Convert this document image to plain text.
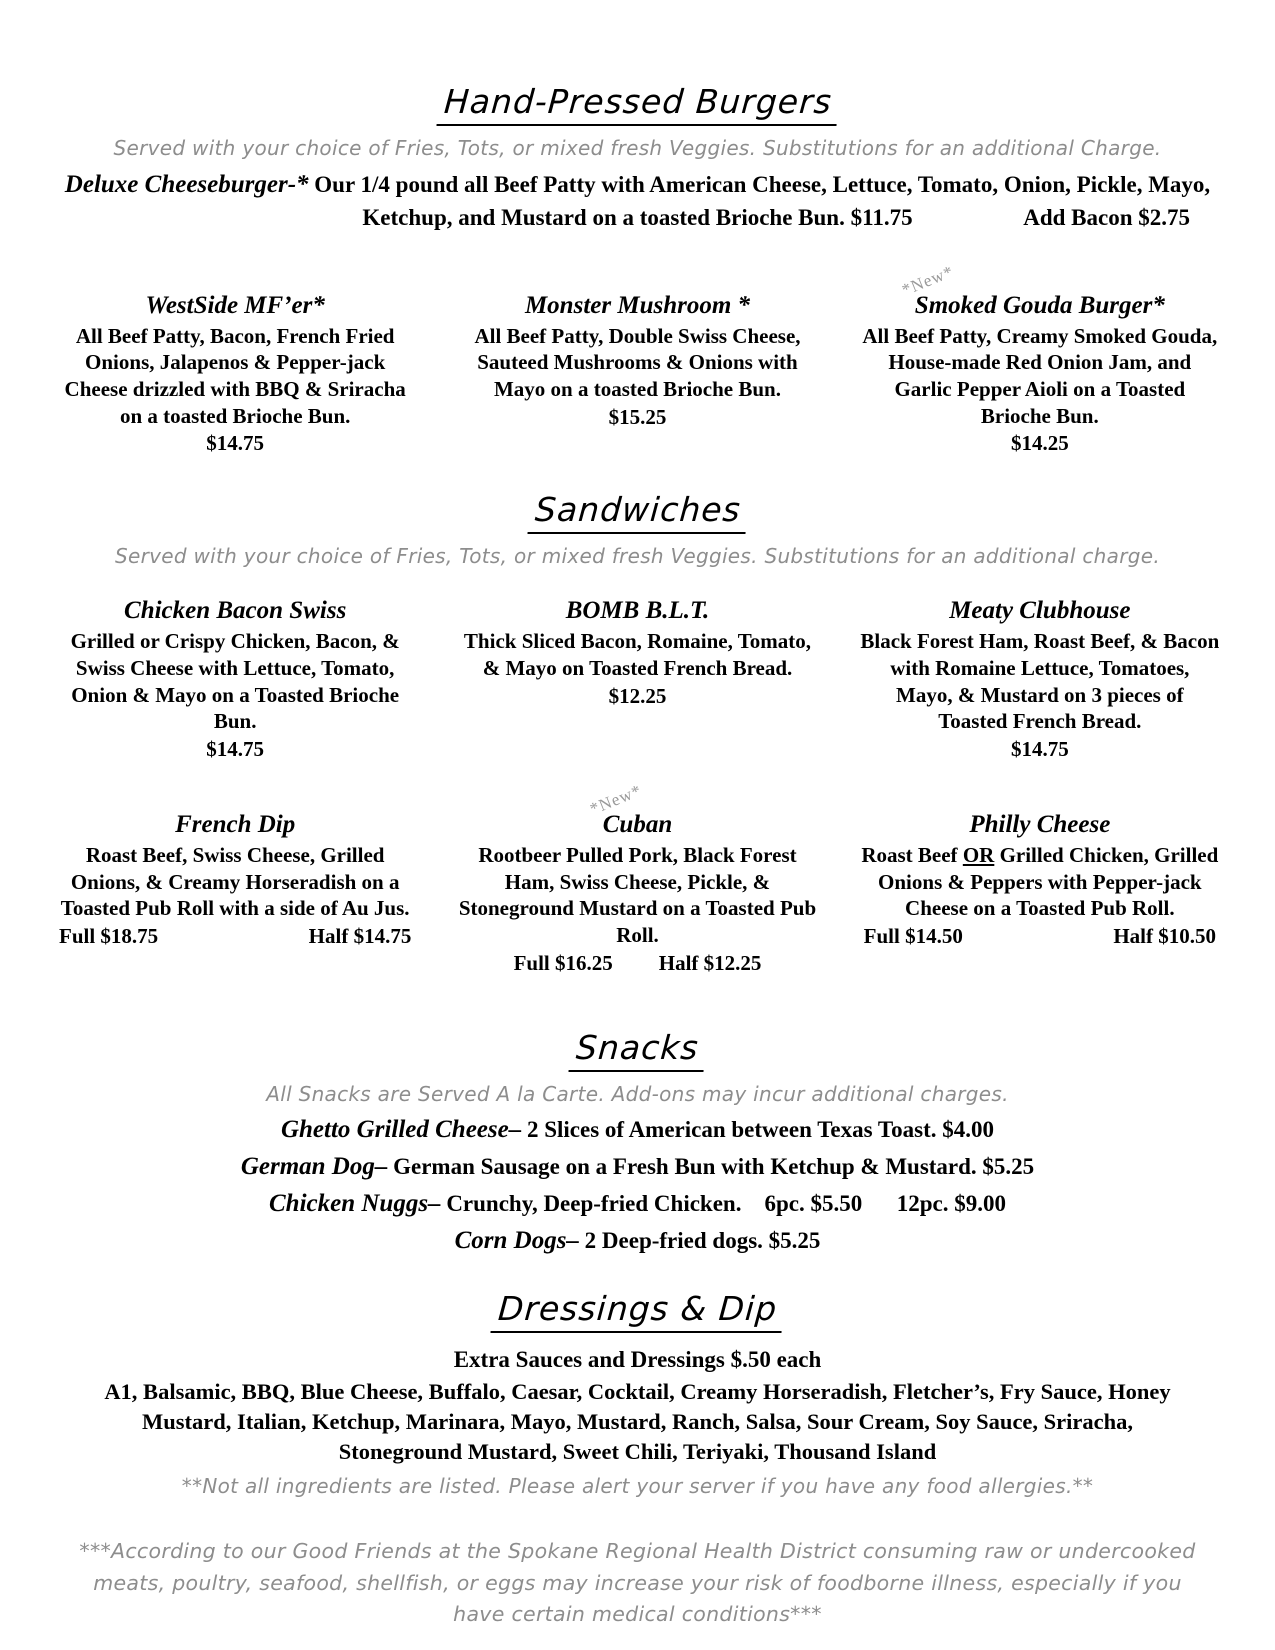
Hand-Pressed Burgers
Served with your choice of Fries, Tots, or mixed fresh Veggies. Substitutions for an additional Charge.
Deluxe Cheeseburger-* Our 1/4 pound all Beef Patty with American Cheese, Lettuce, Tomato, Onion, Pickle, Mayo, Ketchup, and Mustard on a toasted Brioche Bun. $11.75	Add Bacon $2.75
WestSide MF’er*
All Beef Patty, Bacon, French Fried Onions, Jalapenos & Pepper-jack Cheese drizzled with BBQ & Sriracha on a toasted Brioche Bun.
$14.75
Monster Mushroom *
All Beef Patty, Double Swiss Cheese, Sauteed Mushrooms & Onions with Mayo on a toasted Brioche Bun.
$15.25
*New*
Smoked Gouda Burger*
All Beef Patty, Creamy Smoked Gouda, House-made Red Onion Jam, and Garlic Pepper Aioli on a Toasted Brioche Bun.
$14.25
Sandwiches
Served with your choice of Fries, Tots, or mixed fresh Veggies. Substitutions for an additional charge.
Chicken Bacon Swiss
Grilled or Crispy Chicken, Bacon, & Swiss Cheese with Lettuce, Tomato, Onion & Mayo on a Toasted Brioche Bun.
$14.75
BOMB B.L.T.
Thick Sliced Bacon, Romaine, Tomato, & Mayo on Toasted French Bread.
$12.25
Meaty Clubhouse
Black Forest Ham, Roast Beef, & Bacon with Romaine Lettuce, Tomatoes, Mayo, & Mustard on 3 pieces of Toasted French Bread.
$14.75
French Dip
Roast Beef, Swiss Cheese, Grilled Onions, & Creamy Horseradish on a Toasted Pub Roll with a side of Au Jus.
Full $18.75	Half $14.75
*New*
Cuban
Rootbeer Pulled Pork, Black Forest Ham, Swiss Cheese, Pickle, & Stoneground Mustard on a Toasted Pub Roll.
Full $16.25 Half $12.25
Philly Cheese
Roast Beef OR Grilled Chicken, Grilled Onions & Peppers with Pepper-jack Cheese on a Toasted Pub Roll.
Full $14.50	Half $10.50
Snacks
All Snacks are Served A la Carte. Add-ons may incur additional charges.
Ghetto Grilled Cheese– 2 Slices of American between Texas Toast. $4.00
German Dog– German Sausage on a Fresh Bun with Ketchup & Mustard. $5.25
Chicken Nuggs– Crunchy, Deep-fried Chicken.    6pc. $5.50      12pc. $9.00
Corn Dogs– 2 Deep-fried dogs. $5.25
Dressings & Dip
Extra Sauces and Dressings $.50 each
A1, Balsamic, BBQ, Blue Cheese, Buffalo, Caesar, Cocktail, Creamy Horseradish, Fletcher’s, Fry Sauce, Honey Mustard, Italian, Ketchup, Marinara, Mayo, Mustard, Ranch, Salsa, Sour Cream, Soy Sauce, Sriracha, Stoneground Mustard, Sweet Chili, Teriyaki, Thousand Island
**Not all ingredients are listed. Please alert your server if you have any food allergies.**
***According to our Good Friends at the Spokane Regional Health District consuming raw or undercooked meats, poultry, seafood, shellfish, or eggs may increase your risk of foodborne illness, especially if you have certain medical conditions***
